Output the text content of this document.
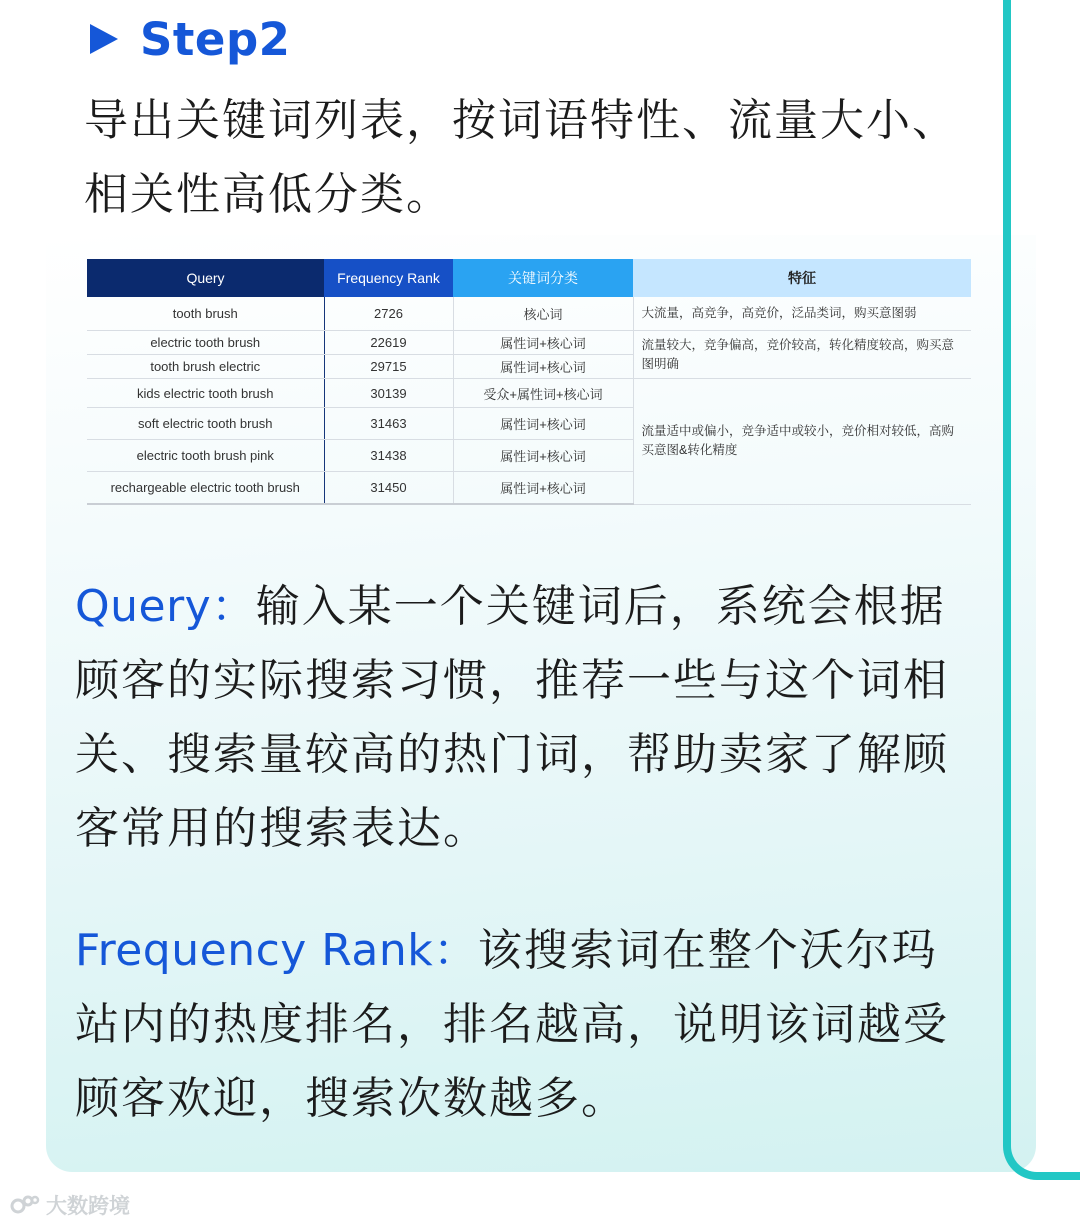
Step2

导出关键词列表，按词语特性、流量大小、相关性高低分类。

Query	Frequency Rank	关键词分类	特征
tooth brush	2726	核心词	大流量，高竞争，高竞价，泛品类词，购买意图弱
electric tooth brush	22619	属性词+核心词	流量较大，竞争偏高，竞价较高，转化精度较高，购买意图明确
tooth brush electric	29715	属性词+核心词	
kids electric tooth brush	30139	受众+属性词+核心词	流量适中或偏小，竞争适中或较小，竞价相对较低，高购买意图&转化精度
soft electric tooth brush	31463	属性词+核心词	
electric tooth brush pink	31438	属性词+核心词	
rechargeable electric tooth brush	31450	属性词+核心词	

Query：输入某一个关键词后，系统会根据顾客的实际搜索习惯，推荐一些与这个词相关、搜索量较高的热门词，帮助卖家了解顾客常用的搜索表达。

Frequency Rank：该搜索词在整个沃尔玛站内的热度排名，排名越高，说明该词越受顾客欢迎，搜索次数越多。

大数跨境
